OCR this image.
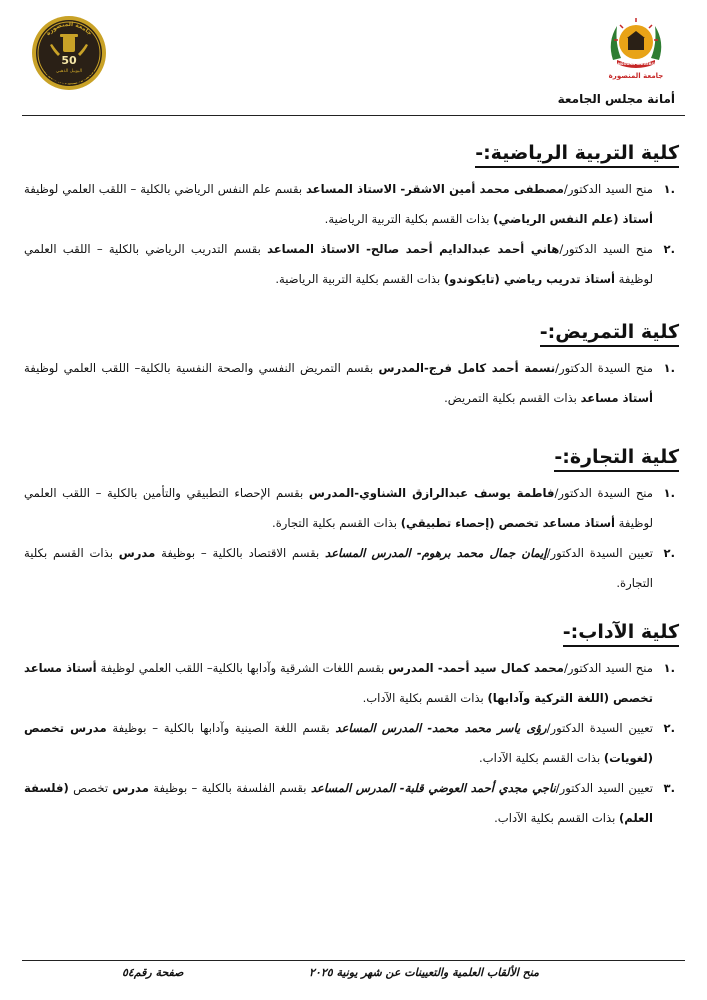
جامعة المنصورة
50
اليوبيل الذهبي
تاريخ عريق .. مستقبل واعد
MANSOURA UNIVERSITY
جامعة المنصورة
أمانة مجلس الجامعة
كلية التربية الرياضية:-
.١
منح السيد الدكتور/مصطفى محمد أمين الاشقر- الاستاذ المساعد بقسم علم النفس الرياضي بالكلية – اللقب العلمي لوظيفة أستاذ (علم النفس الرياضي) بذات القسم بكلية التربية الرياضية.
.٢
منح السيد الدكتور/هاني أحمد عبدالدايم أحمد صالح- الاستاذ المساعد بقسم التدريب الرياضي بالكلية – اللقب العلمي لوظيفة أستاذ تدريب رياضي (تايكوندو) بذات القسم بكلية التربية الرياضية.
كلية التمريض:-
.١
منح السيدة الدكتور/نسمة أحمد كامل فرج-المدرس بقسم التمريض النفسي والصحة النفسية بالكلية– اللقب العلمي لوظيفة أستاذ مساعد بذات القسم بكلية التمريض.
كلية التجارة:-
.١
منح السيدة الدكتور/فاطمة يوسف عبدالرازق الشناوي-المدرس بقسم الإحصاء التطبيقي والتأمين بالكلية – اللقب العلمي لوظيفة أستاذ مساعد تخصص (إحصاء تطبيقي) بذات القسم بكلية التجارة.
.٢
تعيين السيدة الدكتور/إيمان جمال محمد برهوم- المدرس المساعد بقسم الاقتصاد بالكلية – بوظيفة مدرس بذات القسم بكلية التجارة.
كلية الآداب:-
.١
منح السيد الدكتور/محمد كمال سيد أحمد- المدرس بقسم اللغات الشرقية وآدابها بالكلية– اللقب العلمي لوظيفة أستاذ مساعد تخصص (اللغة التركية وآدابها) بذات القسم بكلية الآداب.
.٢
تعيين السيدة الدكتور/رؤى ياسر محمد محمد- المدرس المساعد بقسم اللغة الصينية وآدابها بالكلية – بوظيفة مدرس تخصص (لغويات) بذات القسم بكلية الآداب.
.٣
تعيين السيد الدكتور/ناجي مجدي أحمد العوضي قلبة- المدرس المساعد بقسم الفلسفة بالكلية – بوظيفة مدرس تخصص (فلسفة العلم) بذات القسم بكلية الآداب.
منح الألقاب العلمية والتعيينات عن شهر يونية ٢٠٢٥
صفحة رقم٥٤
